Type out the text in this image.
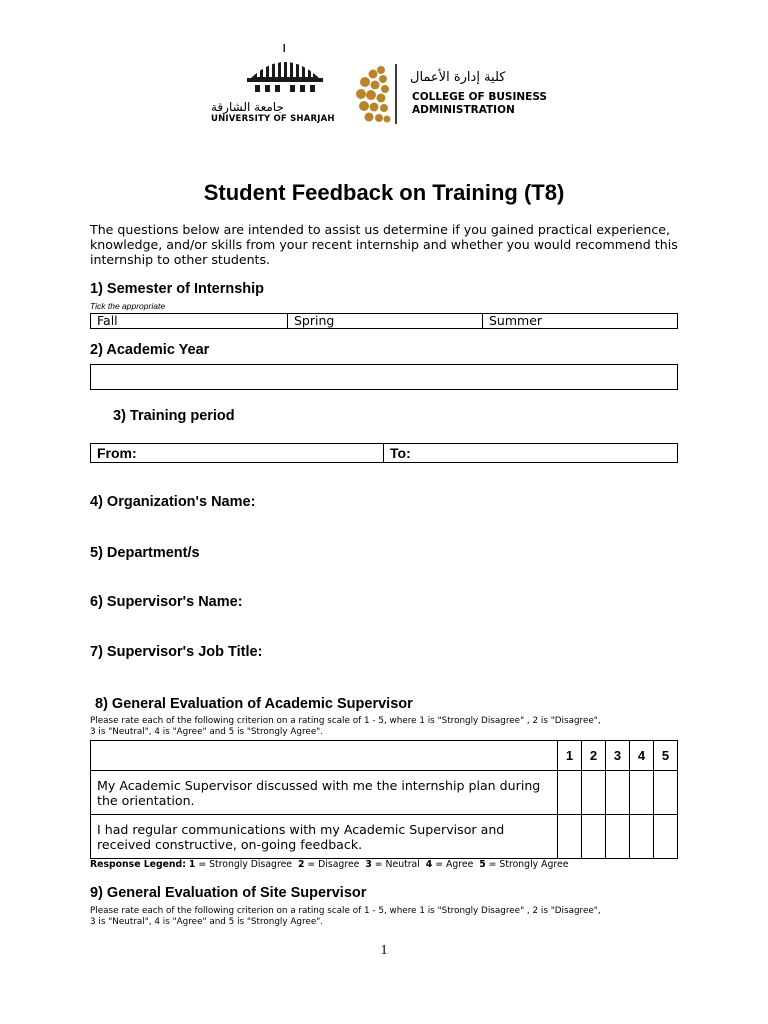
جامعة الشارقة
UNIVERSITY OF SHARJAH
كلية إدارة الأعمال
COLLEGE OF BUSINESS
ADMINISTRATION
Student Feedback on Training (T8)
The questions below are intended to assist us determine if you gained practical experience, knowledge, and/or skills from your recent internship and whether you would recommend this internship to other students.
1) Semester of Internship
Tick the appropriate
Fall	Spring	Summer
2) Academic Year
3) Training period
From:	To:
4) Organization's Name:
5) Department/s
6) Supervisor's Name:
7) Supervisor's Job Title:
8) General Evaluation of Academic Supervisor
Please rate each of the following criterion on a rating scale of 1 - 5, where 1 is "Strongly Disagree" , 2 is "Disagree",
3 is "Neutral", 4 is "Agree" and 5 is "Strongly Agree".
	1	2	3	4	5
My Academic Supervisor discussed with me the internship plan during the orientation.					
I had regular communications with my Academic Supervisor and received constructive, on-going feedback.					
Response Legend: 1 = Strongly Disagree 2 = Disagree 3 = Neutral 4 = Agree 5 = Strongly Agree
9) General Evaluation of Site Supervisor
Please rate each of the following criterion on a rating scale of 1 - 5, where 1 is "Strongly Disagree" , 2 is "Disagree",
3 is "Neutral", 4 is "Agree" and 5 is "Strongly Agree".
1
